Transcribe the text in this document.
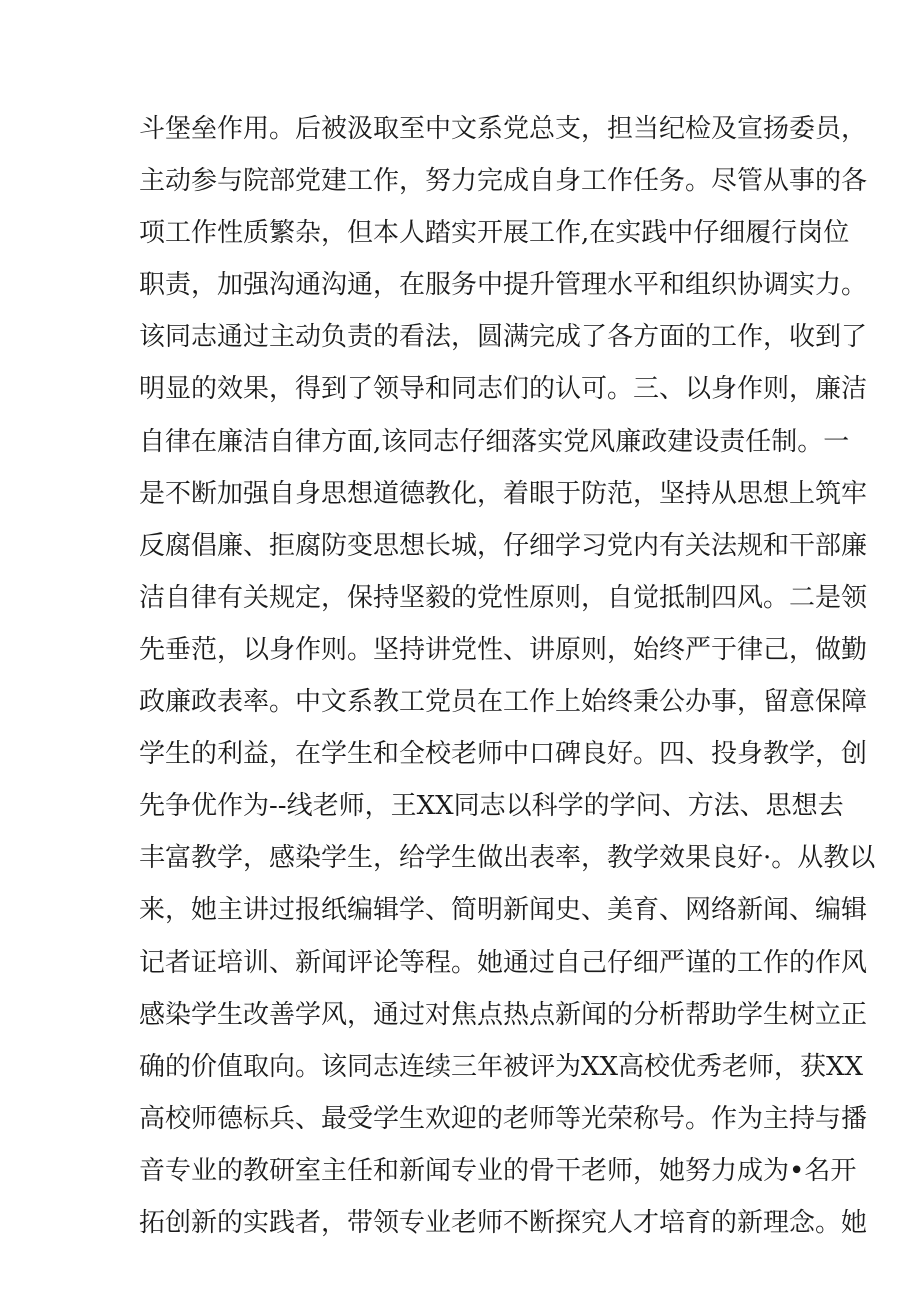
斗堡垒作用。后被汲取至中文系党总支，担当纪检及宣扬委员，
主动参与院部党建工作，努力完成自身工作任务。尽管从事的各
项工作性质繁杂，但本人踏实开展工作,在实践中仔细履行岗位
职责，加强沟通沟通，在服务中提升管理水平和组织协调实力。
该同志通过主动负责的看法，圆满完成了各方面的工作，收到了
明显的效果，得到了领导和同志们的认可。三、以身作则，廉洁
自律在廉洁自律方面,该同志仔细落实党风廉政建设责任制。一
是不断加强自身思想道德教化，着眼于防范，坚持从思想上筑牢
反腐倡廉、拒腐防变思想长城，仔细学习党内有关法规和干部廉
洁自律有关规定，保持坚毅的党性原则，自觉抵制四风。二是领
先垂范，以身作则。坚持讲党性、讲原则，始终严于律己，做勤
政廉政表率。中文系教工党员在工作上始终秉公办事，留意保障
学生的利益，在学生和全校老师中口碑良好。四、投身教学，创
先争优作为--线老师，王XX同志以科学的学问、方法、思想去
丰富教学，感染学生，给学生做出表率，教学效果良好·。从教以
来，她主讲过报纸编辑学、简明新闻史、美育、网络新闻、编辑
记者证培训、新闻评论等程。她通过自己仔细严谨的工作的作风
感染学生改善学风，通过对焦点热点新闻的分析帮助学生树立正
确的价值取向。该同志连续三年被评为XX高校优秀老师，获XX
高校师德标兵、最受学生欢迎的老师等光荣称号。作为主持与播
音专业的教研室主任和新闻专业的骨干老师，她努力成为•名开
拓创新的实践者，带领专业老师不断探究人才培育的新理念。她
